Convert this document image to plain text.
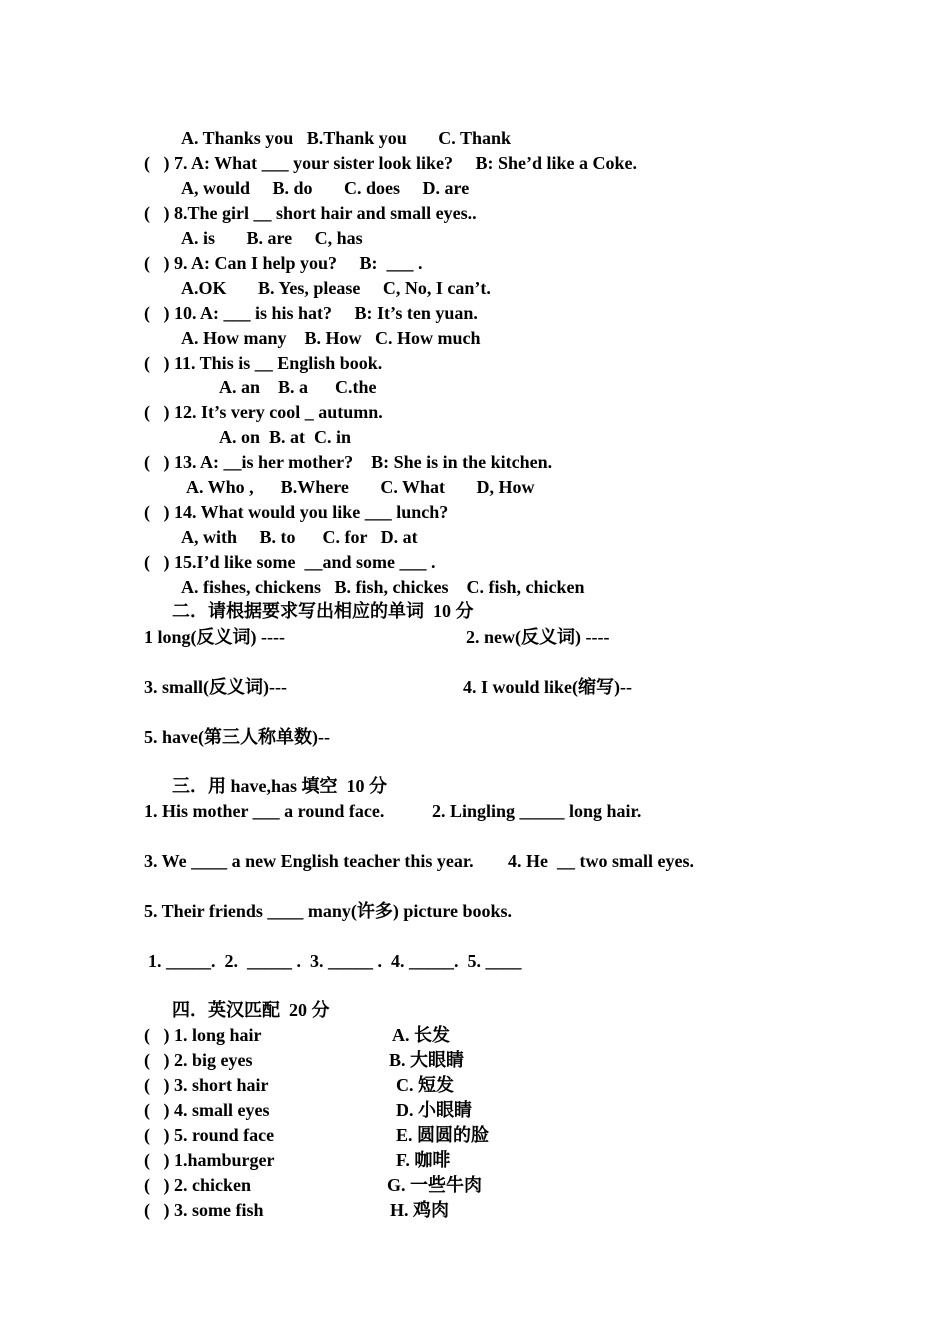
A. Thanks you   B.Thank you       C. Thank
(   ) 7. A: What ___ your sister look like?     B: She’d like a Coke.
A, would     B. do       C. does     D. are
(   ) 8.The girl __ short hair and small eyes..
A. is       B. are     C, has
(   ) 9. A: Can I help you?     B:  ___ .
A.OK       B. Yes, please     C, No, I can’t.
(   ) 10. A: ___ is his hat?     B: It’s ten yuan.
A. How many    B. How   C. How much
(   ) 11. This is __ English book.
A. an    B. a      C.the
(   ) 12. It’s very cool _ autumn.
A. on  B. at  C. in
(   ) 13. A: __is her mother?    B: She is in the kitchen.
A. Who ,      B.Where       C. What       D, How
(   ) 14. What would you like ___ lunch?
A, with     B. to      C. for   D. at
(   ) 15.I’d like some  __and some ___ .
A. fishes, chickens   B. fish, chickes    C. fish, chicken
二．请根据要求写出相应的单词  10 分
1 long(反义词) ----	2. new(反义词) ----
3. small(反义词)---	4. I would like(缩写)--
5. have(第三人称单数)--
三．用 have,has 填空  10 分
1. His mother ___ a round face.	2. Lingling _____ long hair.
3. We ____ a new English teacher this year. 4. He  __ two small eyes.
5. Their friends ____ many(许多) picture books.
1. _____.  2.  _____ .  3. _____ .  4. _____.  5. ____
四．英汉匹配  20 分
(   ) 1. long hair	A. 长发
(   ) 2. big eyes	B. 大眼睛
(   ) 3. short hair	C. 短发
(   ) 4. small eyes	D. 小眼睛
(   ) 5. round face	E. 圆圆的脸
(   ) 1.hamburger	F. 咖啡
(   ) 2. chicken	G. 一些牛肉
(   ) 3. some fish	H. 鸡肉
